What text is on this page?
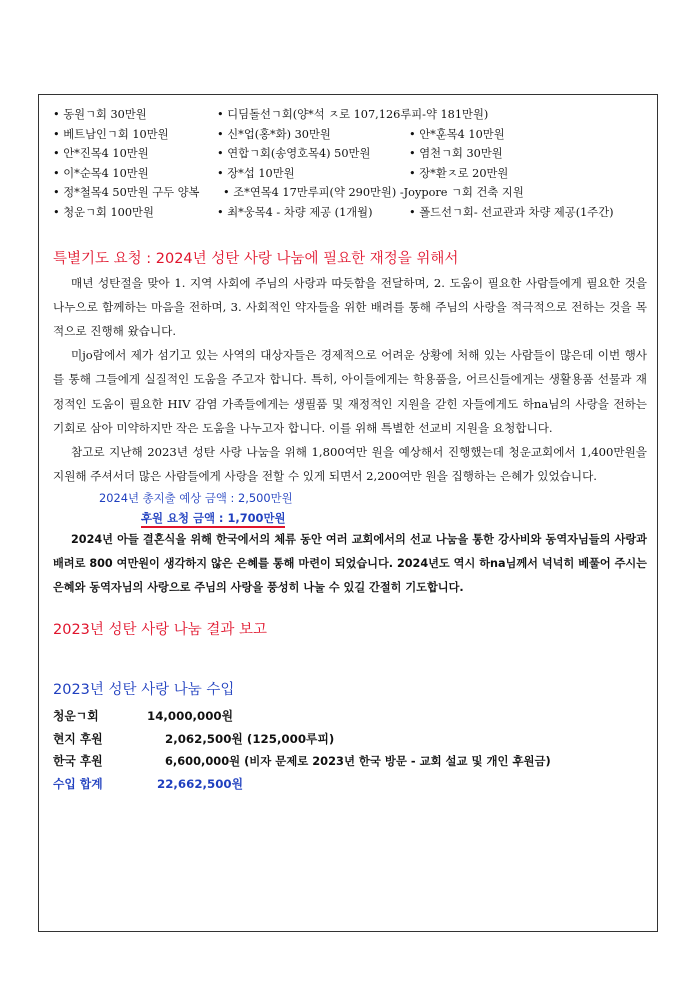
• 동원ㄱ회 30만원	• 디딤돌선ㄱ회(양*석 ㅈ로 107,126루피-약 181만원)
• 베트남인ㄱ회 10만원	• 신*업(홍*화) 30만원	• 안*훈목4 10만원
• 안*진목4 10만원	• 연합ㄱ회(송영호목4) 50만원	• 염천ㄱ회 30만원
• 이*순목4 10만원	• 장*섭 10만원	• 장*환ㅈ로 20만원
• 정*철목4 50만원 구두 양복 • 조*연목4 17만루피(약 290만원) -Joypore ㄱ회 건축 지원
• 청운ㄱ회 100만원	• 최*웅목4 - 차량 제공 (1개월)	• 폴드선ㄱ회- 선교관과 차량 제공(1주간)
특별기도 요청 : 2024년 성탄 사랑 나눔에 필요한 재정을 위해서

매년 성탄절을 맞아 1. 지역 사회에 주님의 사랑과 따듯함을 전달하며, 2. 도움이 필요한 사람들에게 필요한 것을 나누으로 함께하는 마음을 전하며, 3. 사회적인 약자들을 위한 배려를 통해 주님의 사랑을 적극적으로 전하는 것을 목적으로 진행해 왔습니다.

미jo람에서 제가 섬기고 있는 사역의 대상자들은 경제적으로 어려운 상황에 처해 있는 사람들이 많은데 이번 행사를 통해 그들에게 실질적인 도움을 주고자 합니다. 특히, 아이들에게는 학용품을, 어르신들에게는 생활용품 선물과 재정적인 도움이 필요한 HIV 감염 가족들에게는 생필품 및 재정적인 지원을 갇힌 자들에게도 하na님의 사랑을 전하는 기회로 삼아 미약하지만 작은 도움을 나누고자 합니다. 이를 위해 특별한 선교비 지원을 요청합니다.

참고로 지난해 2023년 성탄 사랑 나눔을 위해 1,800여만 원을 예상해서 진행했는데 청운교회에서 1,400만원을 지원해 주셔서더 많은 사람들에게 사랑을 전할 수 있게 되면서 2,200여만 원을 집행하는 은혜가 있었습니다.

2024년 총지출 예상 금액 : 2,500만원
후원 요청 금액 : 1,700만원

2024년 아들 결혼식을 위해 한국에서의 체류 동안 여러 교회에서의 선교 나눔을 통한 강사비와 동역자님들의 사랑과 배려로 800 여만원이 생각하지 않은 은혜를 통해 마련이 되었습니다. 2024년도 역시 하na님께서 넉넉히 베풀어 주시는 은혜와 동역자님의 사랑으로 주님의 사랑을 풍성히 나눌 수 있길 간절히 기도합니다.

2023년 성탄 사랑 나눔 결과 보고
2023년 성탄 사랑 나눔 수입
청운ㄱ회	14,000,000원
현지 후원	2,062,500원 (125,000루피)
한국 후원	6,600,000원 (비자 문제로 2023년 한국 방문 - 교회 설교 및 개인 후원금)
수입 합계	22,662,500원
